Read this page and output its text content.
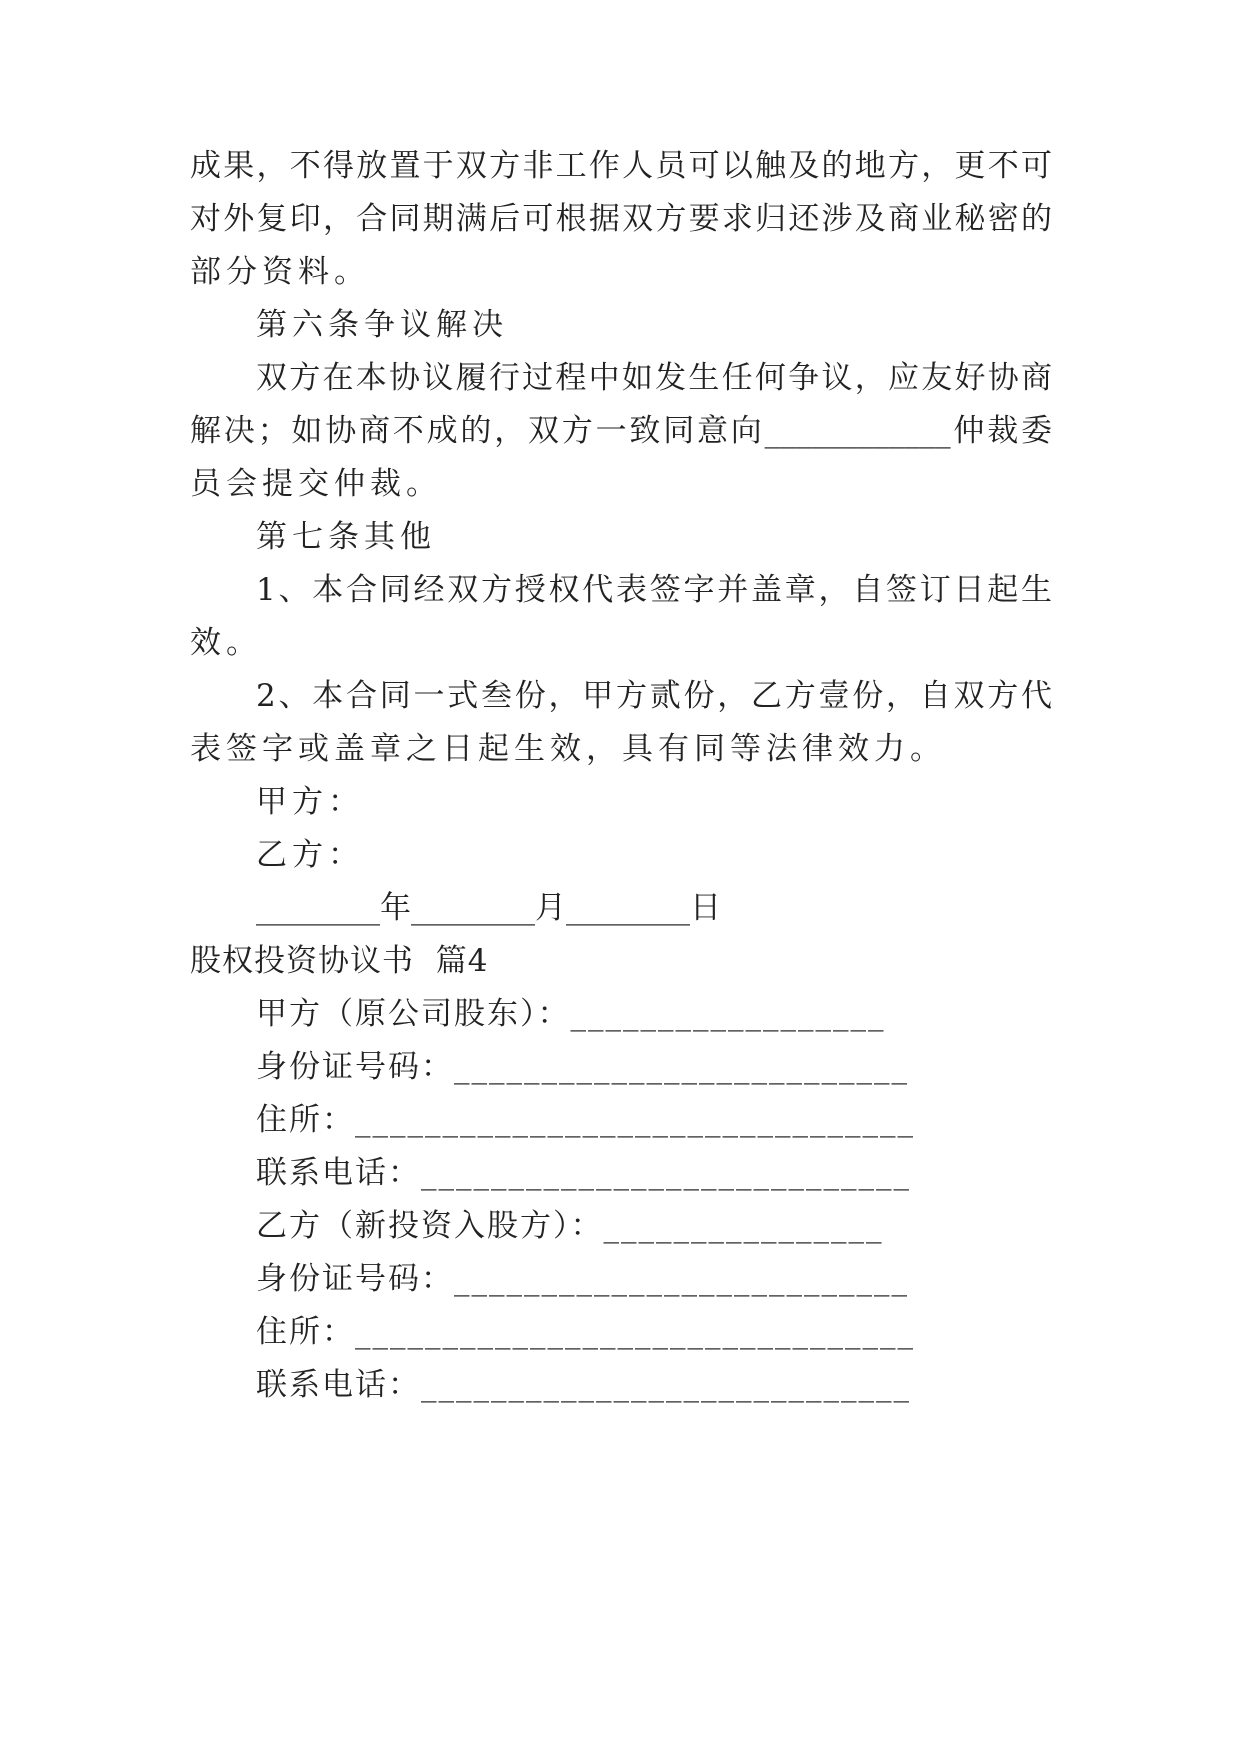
成果，不得放置于双方非工作人员可以触及的地方，更不可
对外复印，合同期满后可根据双方要求归还涉及商业秘密的
部分资料。
第六条争议解决
双方在本协议履行过程中如发生任何争议，应友好协商
解决；如协商不成的，双方一致同意向____________仲裁委
员会提交仲裁。
第七条其他
1、本合同经双方授权代表签字并盖章，自签订日起生
效。
2、本合同一式叁份，甲方贰份，乙方壹份，自双方代
表签字或盖章之日起生效，具有同等法律效力。
甲方：
乙方：
________年________月________日
股权投资协议书  篇4
甲方（原公司股东）：__________________
身份证号码：__________________________
住所：________________________________
联系电话：____________________________
乙方（新投资入股方）：________________
身份证号码：__________________________
住所：________________________________
联系电话：____________________________
